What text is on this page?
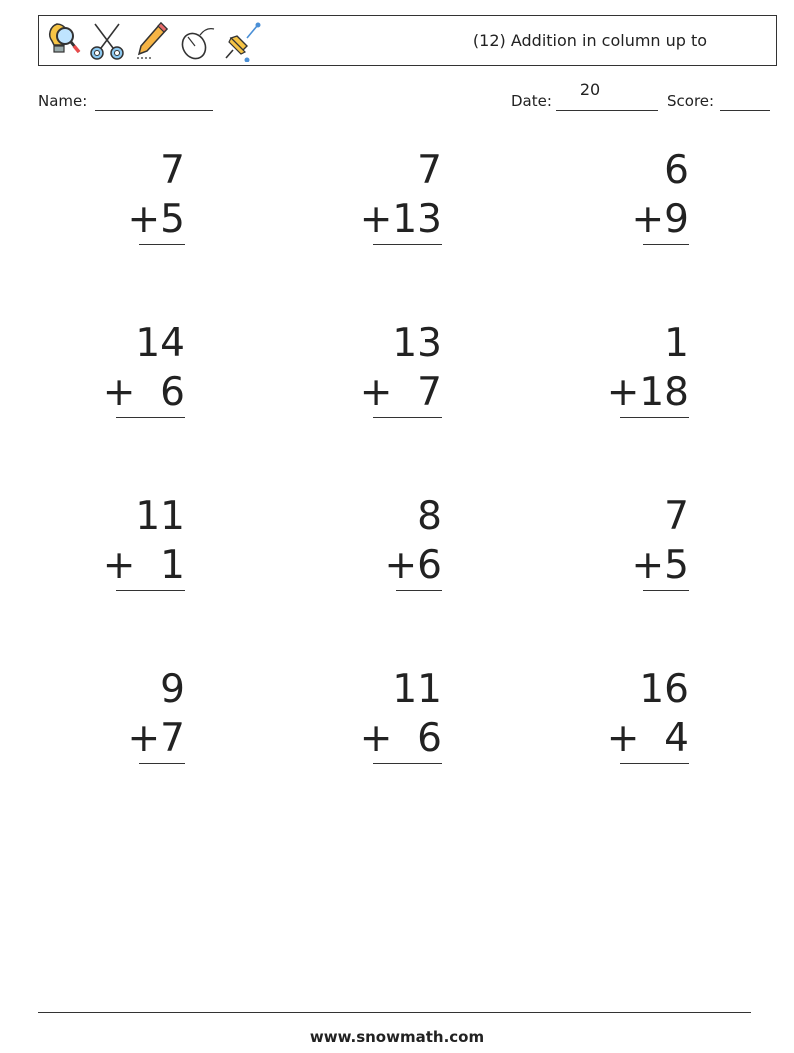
(12) Addition in column up to 20
Name:	Date:	Score:
7
+5
7
+13
6
+9
14
+  6
13
+  7
1
+18
11
+  1
8
+6
7
+5
9
+7
11
+  6
16
+  4
www.snowmath.com
